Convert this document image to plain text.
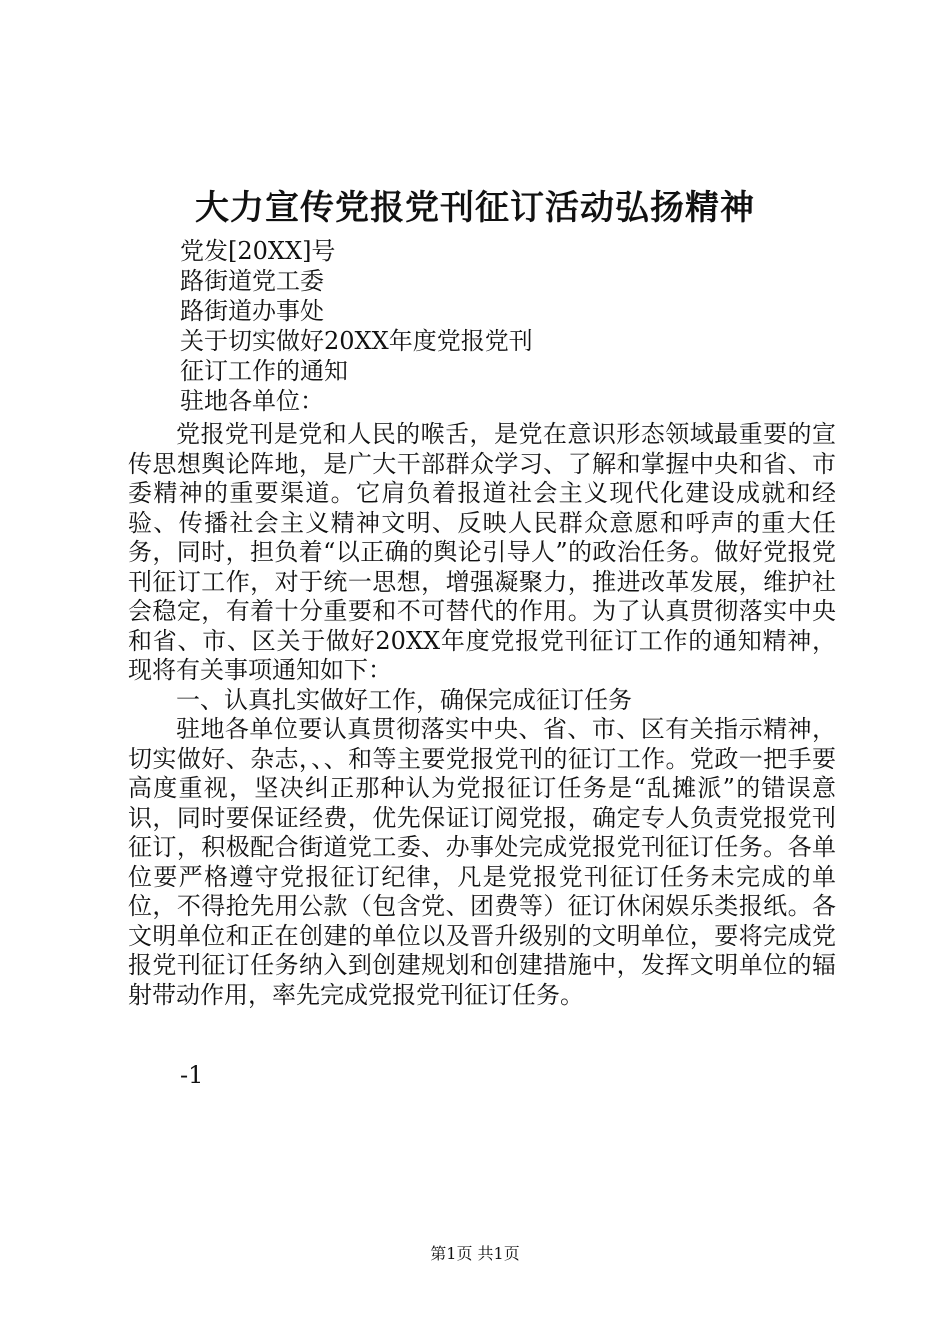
大力宣传党报党刊征订活动弘扬精神
党发[20XX]号
路街道党工委
路街道办事处
关于切实做好20XX年度党报党刊
征订工作的通知
驻地各单位：

党报党刊是党和人民的喉舌，是党在意识形态领域最重要的宣传思想舆论阵地，是广大干部群众学习、了解和掌握中央和省、市委精神的重要渠道。它肩负着报道社会主义现代化建设成就和经验、传播社会主义精神文明、反映人民群众意愿和呼声的重大任务，同时，担负着“以正确的舆论引导人”的政治任务。做好党报党刊征订工作，对于统一思想，增强凝聚力，推进改革发展，维护社会稳定，有着十分重要和不可替代的作用。为了认真贯彻落实中央和省、市、区关于做好20XX年度党报党刊征订工作的通知精神，现将有关事项通知如下：

一、认真扎实做好工作，确保完成征订任务

驻地各单位要认真贯彻落实中央、省、市、区有关指示精神，切实做好、杂志，、、和等主要党报党刊的征订工作。党政一把手要高度重视，坚决纠正那种认为党报征订任务是“乱摊派”的错误意识，同时要保证经费，优先保证订阅党报，确定专人负责党报党刊征订，积极配合街道党工委、办事处完成党报党刊征订任务。各单位要严格遵守党报征订纪律，凡是党报党刊征订任务未完成的单位，不得抢先用公款（包含党、团费等）征订休闲娱乐类报纸。各文明单位和正在创建的单位以及晋升级别的文明单位，要将完成党报党刊征订任务纳入到创建规划和创建措施中，发挥文明单位的辐射带动作用，率先完成党报党刊征订任务。

-1
第1页 共1页
